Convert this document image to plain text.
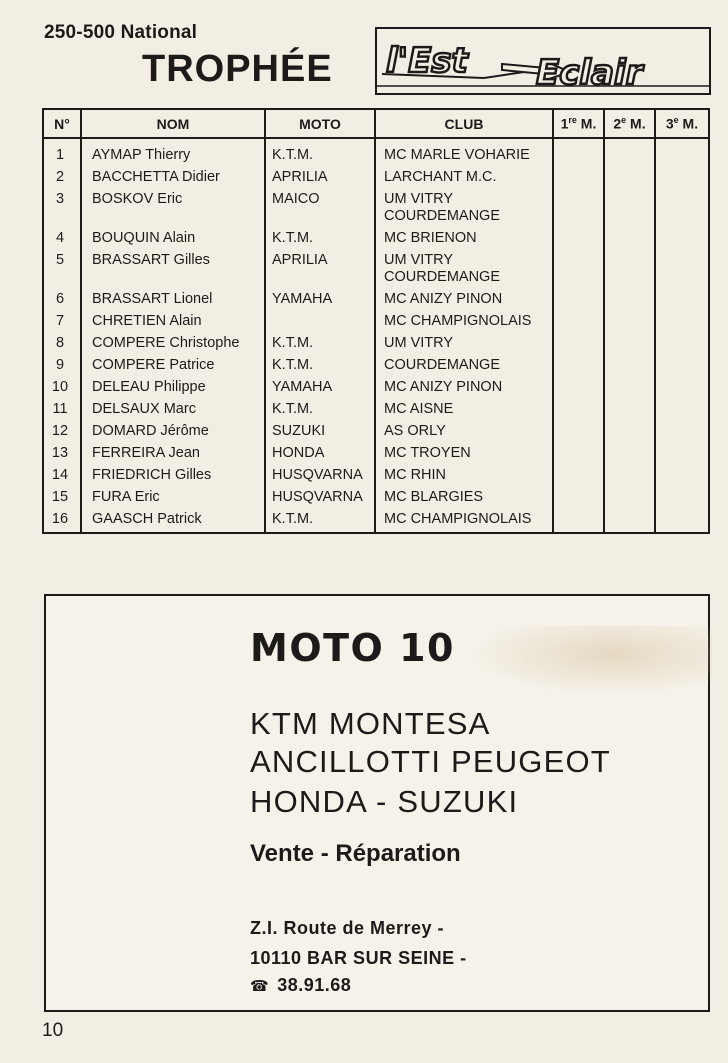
250-500 National
TROPHÉE l'Est Eclair
N°	NOM	MOTO	CLUB	1re M.	2e M.	3e M.
1	AYMAP Thierry	K.T.M.	MC MARLE VOHARIE			
2	BACCHETTA Didier	APRILIA	LARCHANT M.C.			
3	BOSKOV Eric	MAICO	UM VITRY
COURDEMANGE			
4	BOUQUIN Alain	K.T.M.	MC BRIENON			
5	BRASSART Gilles	APRILIA	UM VITRY
COURDEMANGE			
6	BRASSART Lionel	YAMAHA	MC ANIZY PINON			
7	CHRETIEN Alain		MC CHAMPIGNOLAIS			
8	COMPERE Christophe	K.T.M.	UM VITRY			
9	COMPERE Patrice	K.T.M.	COURDEMANGE			
10	DELEAU Philippe	YAMAHA	MC ANIZY PINON			
11	DELSAUX Marc	K.T.M.	MC AISNE			
12	DOMARD Jérôme	SUZUKI	AS ORLY			
13	FERREIRA Jean	HONDA	MC TROYEN			
14	FRIEDRICH Gilles	HUSQVARNA	MC RHIN			
15	FURA Eric	HUSQVARNA	MC BLARGIES			
16	GAASCH Patrick	K.T.M.	MC CHAMPIGNOLAIS			
MOTO 10
KTM MONTESA
ANCILLOTTI PEUGEOT
HONDA - SUZUKI
Vente - Réparation
Z.I. Route de Merrey -
10110 BAR SUR SEINE -
☎ 38.91.68
10
